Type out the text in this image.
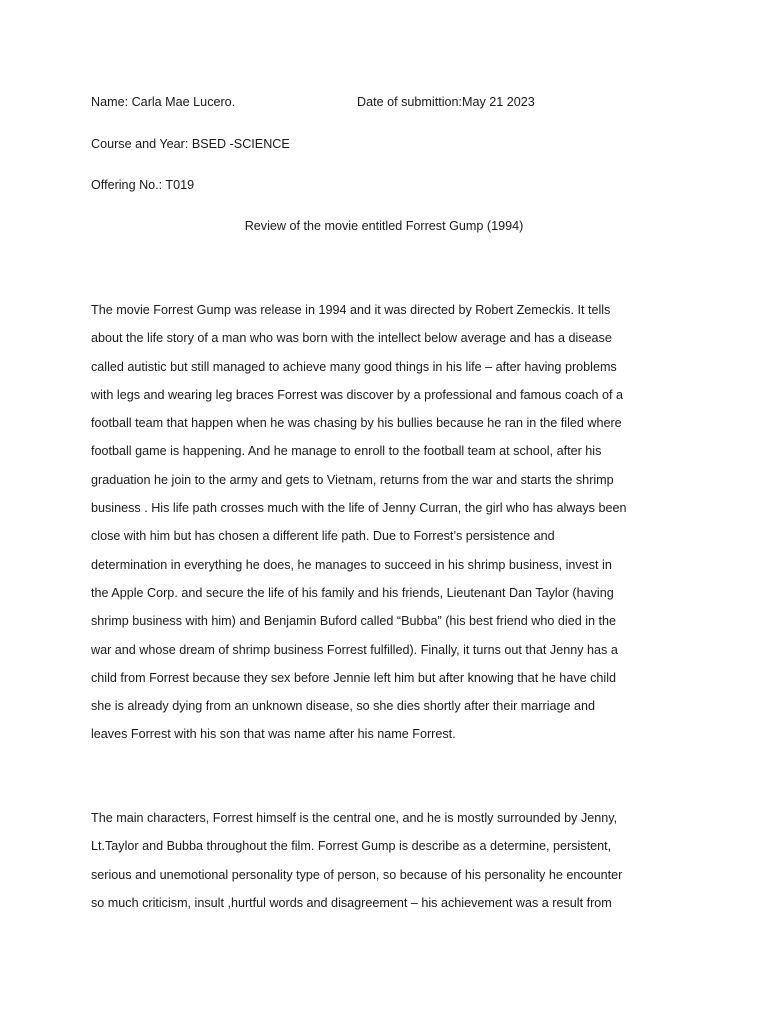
Name: Carla Mae Lucero.	Date of submittion:May 21 2023
Course and Year: BSED -SCIENCE
Offering No.: T019
Review of the movie entitled Forrest Gump (1994)
The movie Forrest Gump was release in 1994 and it was directed by Robert Zemeckis. It tells
about the life story of a man who was born with the intellect below average and has a disease
called autistic but still managed to achieve many good things in his life – after having problems
with legs and wearing leg braces Forrest was discover by a professional and famous coach of a
football team that happen when he was chasing by his bullies because he ran in the filed where
football game is happening. And he manage to enroll to the football team at school, after his
graduation he join to the army and gets to Vietnam, returns from the war and starts the shrimp
business . His life path crosses much with the life of Jenny Curran, the girl who has always been
close with him but has chosen a different life path. Due to Forrest’s persistence and
determination in everything he does, he manages to succeed in his shrimp business, invest in
the Apple Corp. and secure the life of his family and his friends, Lieutenant Dan Taylor (having
shrimp business with him) and Benjamin Buford called “Bubba” (his best friend who died in the
war and whose dream of shrimp business Forrest fulfilled). Finally, it turns out that Jenny has a
child from Forrest because they sex before Jennie left him but after knowing that he have child
she is already dying from an unknown disease, so she dies shortly after their marriage and
leaves Forrest with his son that was name after his name Forrest.
The main characters, Forrest himself is the central one, and he is mostly surrounded by Jenny,
Lt.Taylor and Bubba throughout the film. Forrest Gump is describe as a determine, persistent,
serious and unemotional personality type of person, so because of his personality he encounter
so much criticism, insult ,hurtful words and disagreement – his achievement was a result from
